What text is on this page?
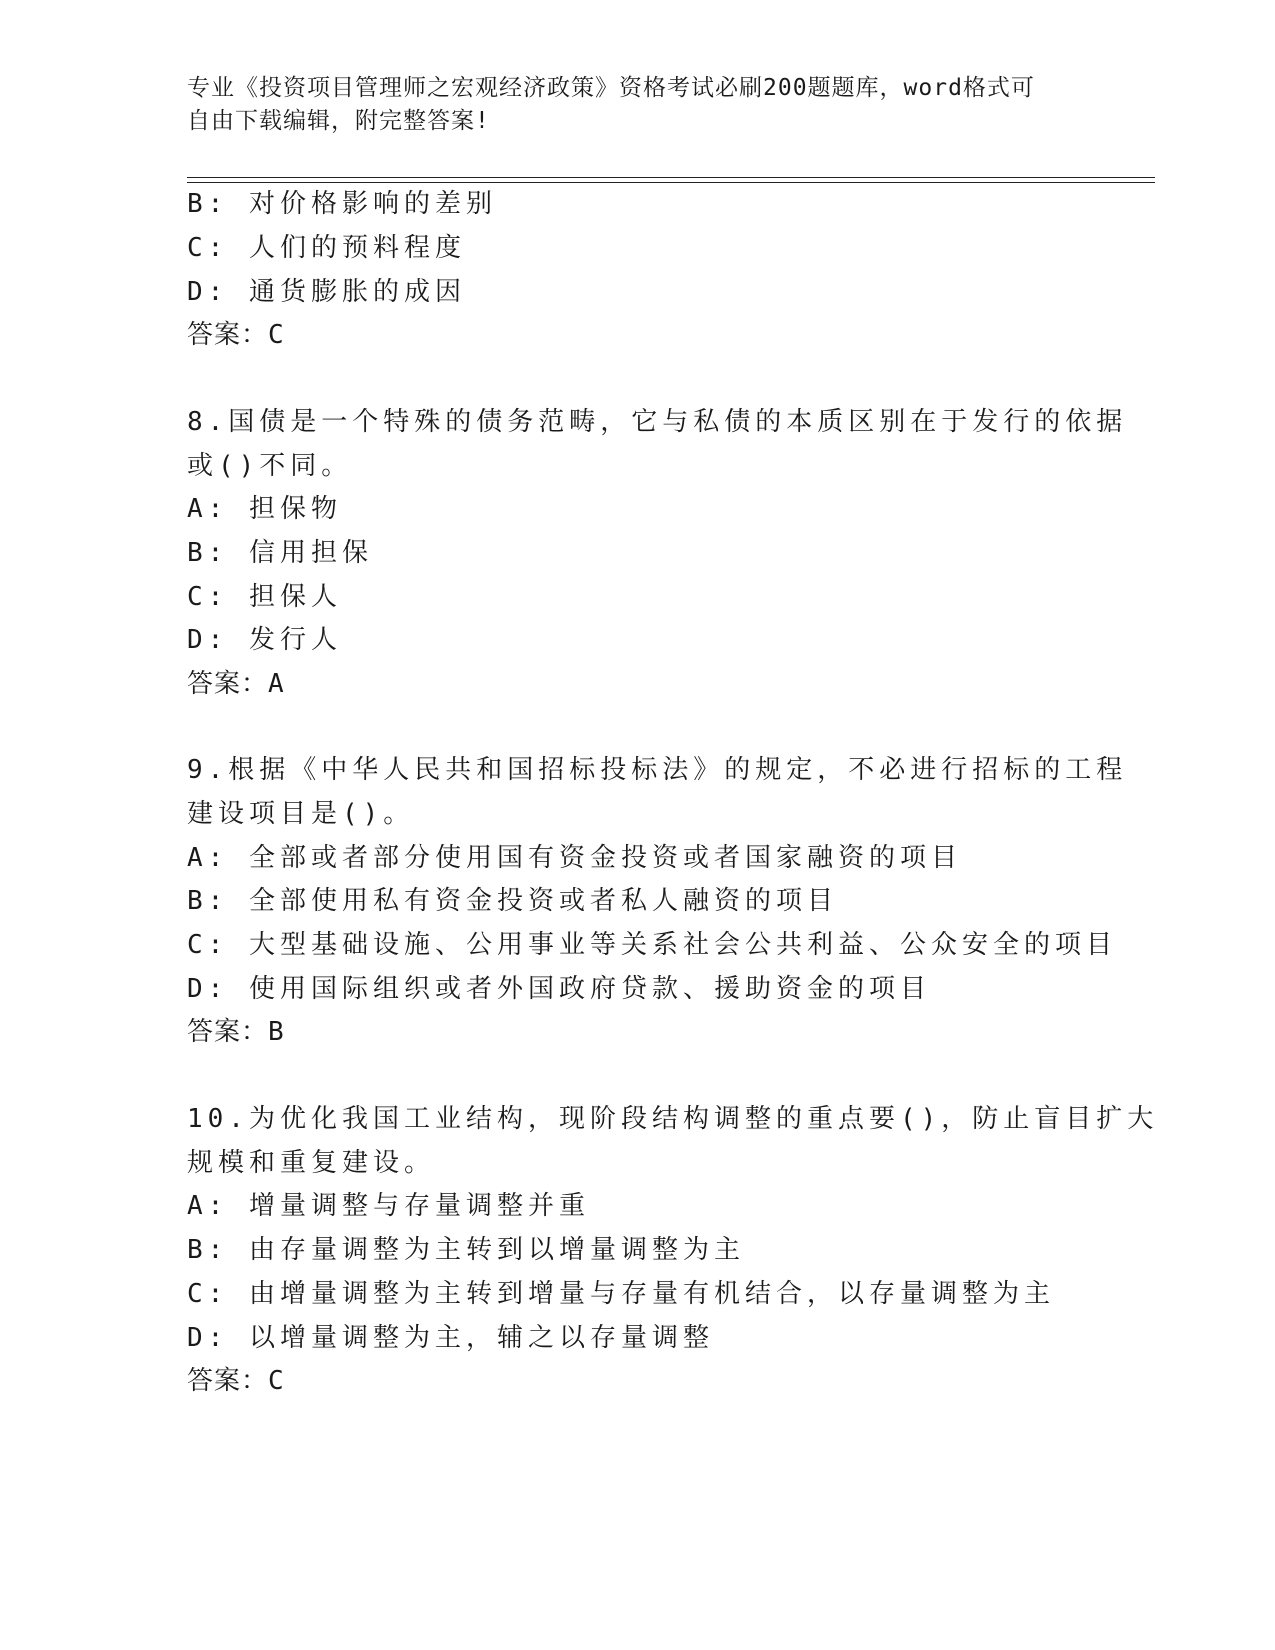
专业《投资项目管理师之宏观经济政策》资格考试必刷200题题库，word格式可
自由下载编辑，附完整答案!
B: 对价格影响的差别
C: 人们的预料程度
D: 通货膨胀的成因
答案：C
8.国债是一个特殊的债务范畴，它与私债的本质区别在于发行的依据
或()不同。
A: 担保物
B: 信用担保
C: 担保人
D: 发行人
答案：A
9.根据《中华人民共和国招标投标法》的规定，不必进行招标的工程
建设项目是()。
A: 全部或者部分使用国有资金投资或者国家融资的项目
B: 全部使用私有资金投资或者私人融资的项目
C: 大型基础设施、公用事业等关系社会公共利益、公众安全的项目
D: 使用国际组织或者外国政府贷款、援助资金的项目
答案：B
10.为优化我国工业结构，现阶段结构调整的重点要()，防止盲目扩大
规模和重复建设。
A: 增量调整与存量调整并重
B: 由存量调整为主转到以增量调整为主
C: 由增量调整为主转到增量与存量有机结合，以存量调整为主
D: 以增量调整为主，辅之以存量调整
答案：C
